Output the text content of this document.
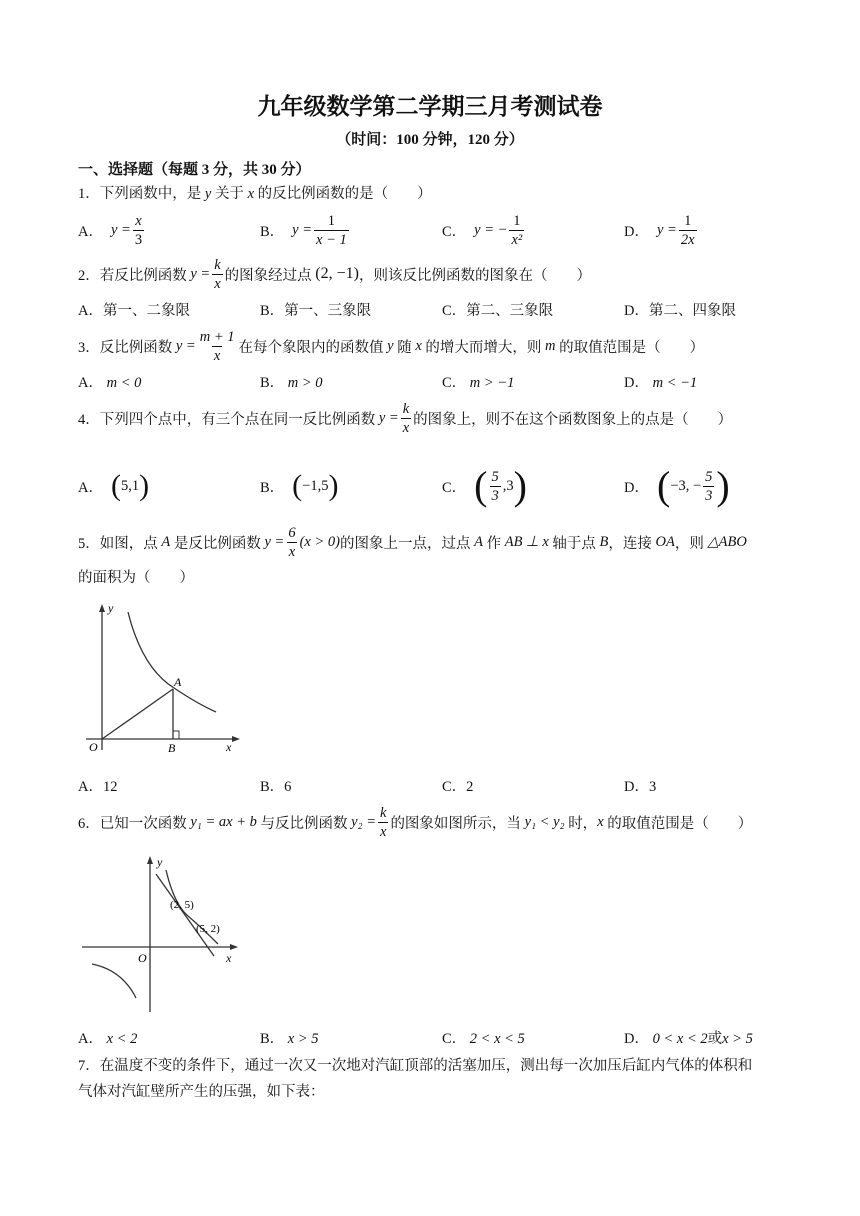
九年级数学第二学期三月考测试卷
（时间：100 分钟，120 分）
一、选择题（每题 3 分，共 30 分）
1．下列函数中，是 y 关于 x 的反比例函数的是（　　）
A． $y = \frac{x}{3}$	B． $y = \frac{1}{x - 1}$	C． y = − $\frac{1}{\text{x²}}$	D． $y = \frac{1}{2x}$
2．若反比例函数
$y = \frac{k}{x}$ 的图象经过点
(2, −1) ，则该反比例函数的图象在（　　）
A．第一、二象限	B．第一、三象限	C．第二、三象限	D．第二、四象限
3．反比例函数
$y = \frac{m + 1}{x}$ 在每个象限内的函数值
y
随
x
的增大而增大，则
m
的取值范围是（　　）
A． m < 0	B． m > 0	C． m > −1	D． m < −1
4．下列四个点中，有三个点在同一反比例函数
$y = \frac{k}{x}$ 的图象上，则 不 · 在 · 这个函数图象上的点是（　　）
A． ( 5,1 )	B． ( −1,5 )	C． ( $\frac{5}{3} ,3$ )	D． ( −3, − $\frac{5}{3}$ )
5．如图，点
A
是反比例函数
$y = \frac{6}{x} (x > 0)$ 的图象上一点，过点
A
作
AB ⊥ x
轴于点
B ，连接
OA ，则
△ABO
的面积为（　　）
y
x
O
A
B
A．12	B．6	C．2	D．3
6．已知一次函数
y₁ = ax + b
与反比例函数
$y_2 = \frac{k}{x}$ 的图象如图所示，当
y₁ < y₂
时， x
的取值范围是（　　）
y
x
O
(2, 5)
(5, 2)
A． x < 2	B． x > 5	C． 2 < x < 5	D． 0 < x < 2或x > 5
7．在温度不变的条件下，通过一次又一次地对汽缸顶部的活塞加压，测出每一次加压后缸内气体的体积和
气体对汽缸壁所产生的压强，如下表：
